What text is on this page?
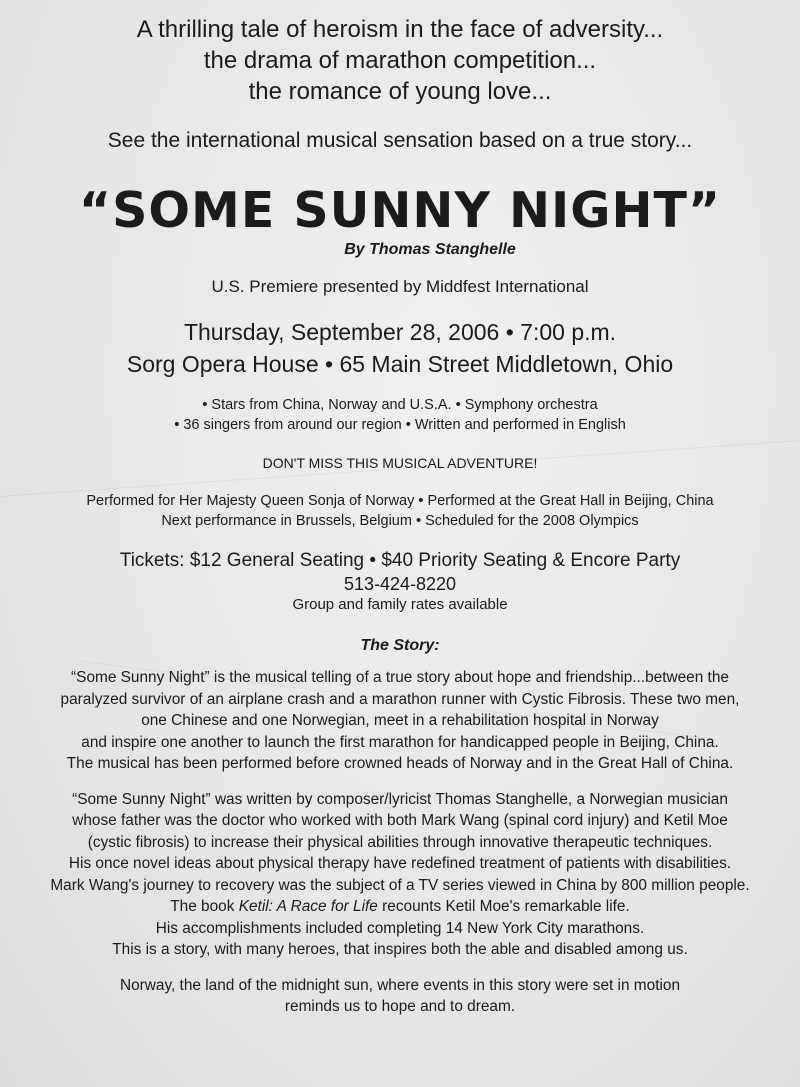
A thrilling tale of heroism in the face of adversity...
the drama of marathon competition...
the romance of young love...
See the international musical sensation based on a true story...
“SOME SUNNY NIGHT”
By Thomas Stanghelle
U.S. Premiere presented by Middfest International
Thursday, September 28, 2006 • 7:00 p.m.
Sorg Opera House • 65 Main Street Middletown, Ohio
• Stars from China, Norway and U.S.A. • Symphony orchestra
• 36 singers from around our region • Written and performed in English
DON'T MISS THIS MUSICAL ADVENTURE!
Performed for Her Majesty Queen Sonja of Norway • Performed at the Great Hall in Beijing, China
Next performance in Brussels, Belgium • Scheduled for the 2008 Olympics
Tickets: $12 General Seating • $40 Priority Seating & Encore Party
513-424-8220
Group and family rates available
The Story:
“Some Sunny Night” is the musical telling of a true story about hope and friendship...between the
paralyzed survivor of an airplane crash and a marathon runner with Cystic Fibrosis. These two men,
one Chinese and one Norwegian, meet in a rehabilitation hospital in Norway
and inspire one another to launch the first marathon for handicapped people in Beijing, China.
The musical has been performed before crowned heads of Norway and in the Great Hall of China.
“Some Sunny Night” was written by composer/lyricist Thomas Stanghelle, a Norwegian musician
whose father was the doctor who worked with both Mark Wang (spinal cord injury) and Ketil Moe
(cystic fibrosis) to increase their physical abilities through innovative therapeutic techniques.
His once novel ideas about physical therapy have redefined treatment of patients with disabilities.
Mark Wang's journey to recovery was the subject of a TV series viewed in China by 800 million people.
The book Ketil: A Race for Life recounts Ketil Moe's remarkable life.
His accomplishments included completing 14 New York City marathons.
This is a story, with many heroes, that inspires both the able and disabled among us.
Norway, the land of the midnight sun, where events in this story were set in motion
reminds us to hope and to dream.
